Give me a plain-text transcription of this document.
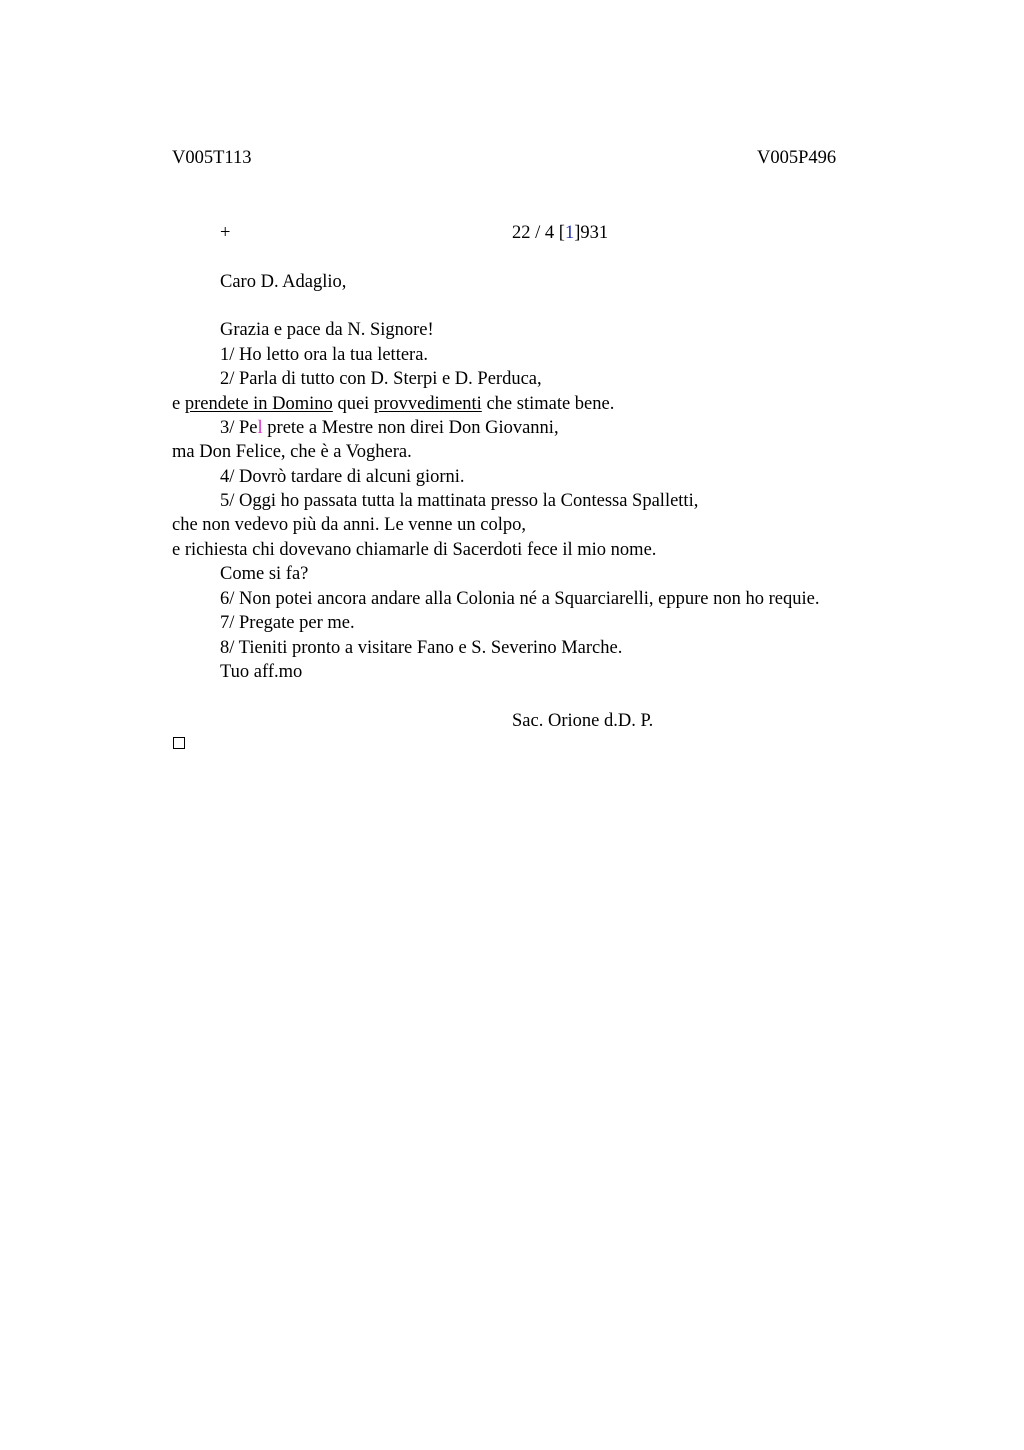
V005T113	V005P496
+	22 / 4 [1]931
Caro D. Adaglio,
Grazia e pace da N. Signore!
1/ Ho letto ora la tua lettera.
2/ Parla di tutto con D. Sterpi e D. Perduca,
e prendete in Domino quei provvedimenti che stimate bene.
3/ Pel prete a Mestre non direi Don Giovanni,
ma Don Felice, che è a Voghera.
4/ Dovrò tardare di alcuni giorni.
5/ Oggi ho passata tutta la mattinata presso la Contessa Spalletti,
che non vedevo più da anni. Le venne un colpo,
e richiesta chi dovevano chiamarle di Sacerdoti fece il mio nome.
Come si fa?
6/ Non potei ancora andare alla Colonia né a Squarciarelli, eppure non ho requie.
7/ Pregate per me.
8/ Tieniti pronto a visitare Fano e S. Severino Marche.
Tuo aff.mo
Sac. Orione d.D. P.
